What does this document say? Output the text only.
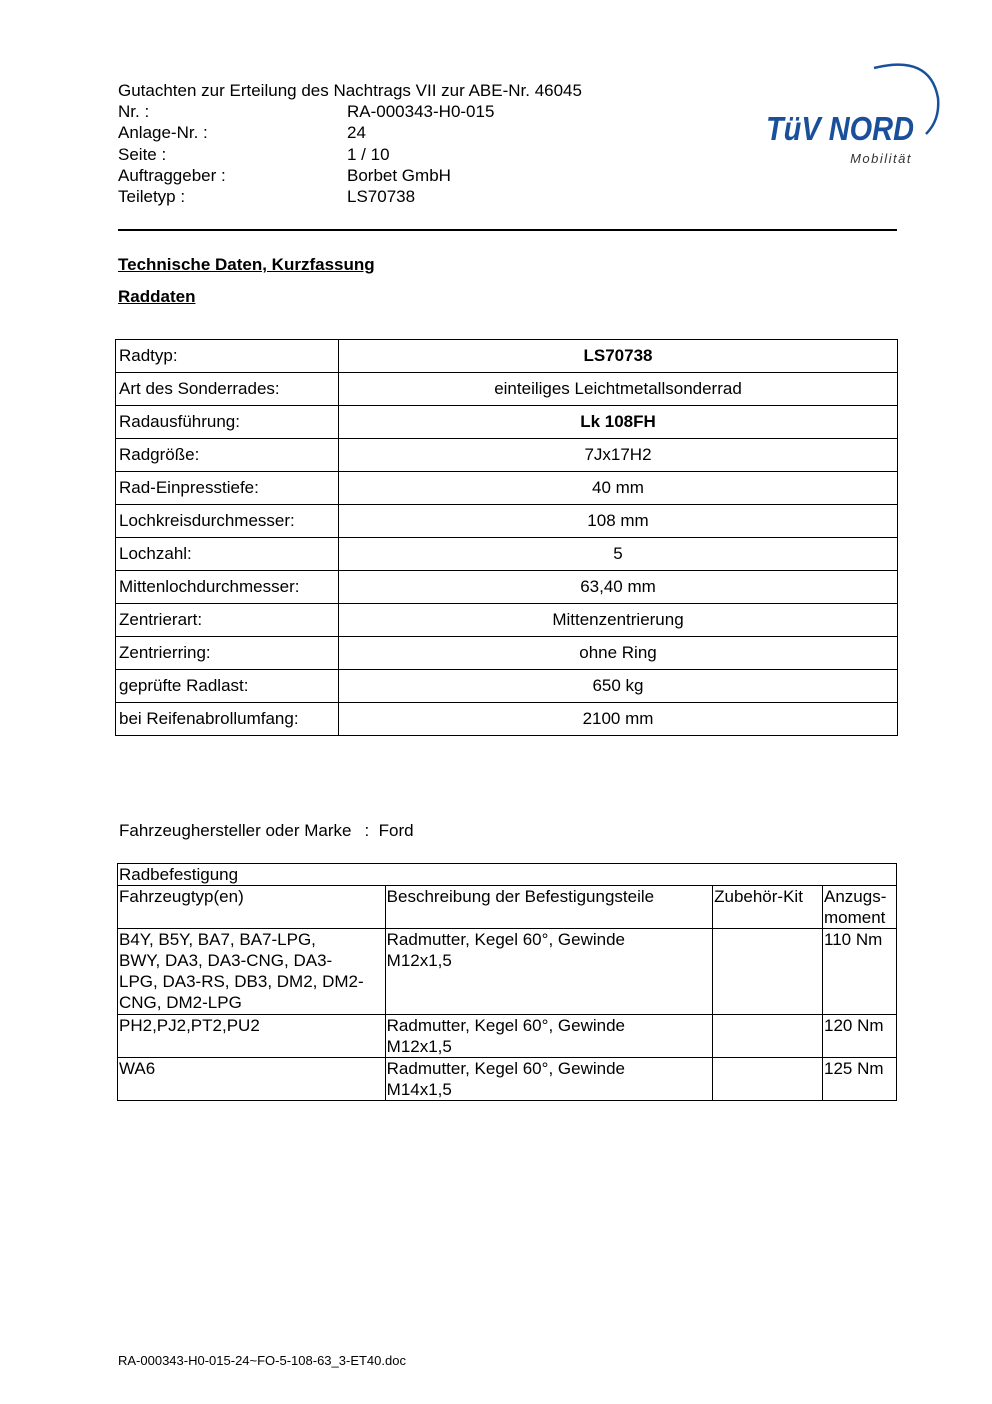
Gutachten zur Erteilung des Nachtrags VII zur ABE-Nr. 46045
Nr. :	RA-000343-H0-015
Anlage-Nr. :	24
Seite :	1 / 10
Auftraggeber :	Borbet GmbH
Teiletyp :	LS70738
TüV NORD
Mobilität
Technische Daten, Kurzfassung
Raddaten
Radtyp:	LS70738
Art des Sonderrades:	einteiliges Leichtmetallsonderrad
Radausführung:	Lk 108FH
Radgröße:	7Jx17H2
Rad-Einpresstiefe:	40 mm
Lochkreisdurchmesser:	108 mm
Lochzahl:	5
Mittenlochdurchmesser:	63,40 mm
Zentrierart:	Mittenzentrierung
Zentrierring:	ohne Ring
geprüfte Radlast:	650 kg
bei Reifenabrollumfang:	2100 mm
Fahrzeughersteller oder Marke : Ford
Radbefestigung			
Fahrzeugtyp(en)	Beschreibung der Befestigungsteile	Zubehör-Kit	Anzugs-
moment
B4Y, B5Y, BA7, BA7-LPG,
BWY, DA3, DA3-CNG, DA3-
LPG, DA3-RS, DB3, DM2, DM2-
CNG, DM2-LPG	Radmutter, Kegel 60°, Gewinde
M12x1,5		110 Nm
PH2,PJ2,PT2,PU2	Radmutter, Kegel 60°, Gewinde
M12x1,5		120 Nm
WA6	Radmutter, Kegel 60°, Gewinde
M14x1,5		125 Nm
RA-000343-H0-015-24~FO-5-108-63_3-ET40.doc
